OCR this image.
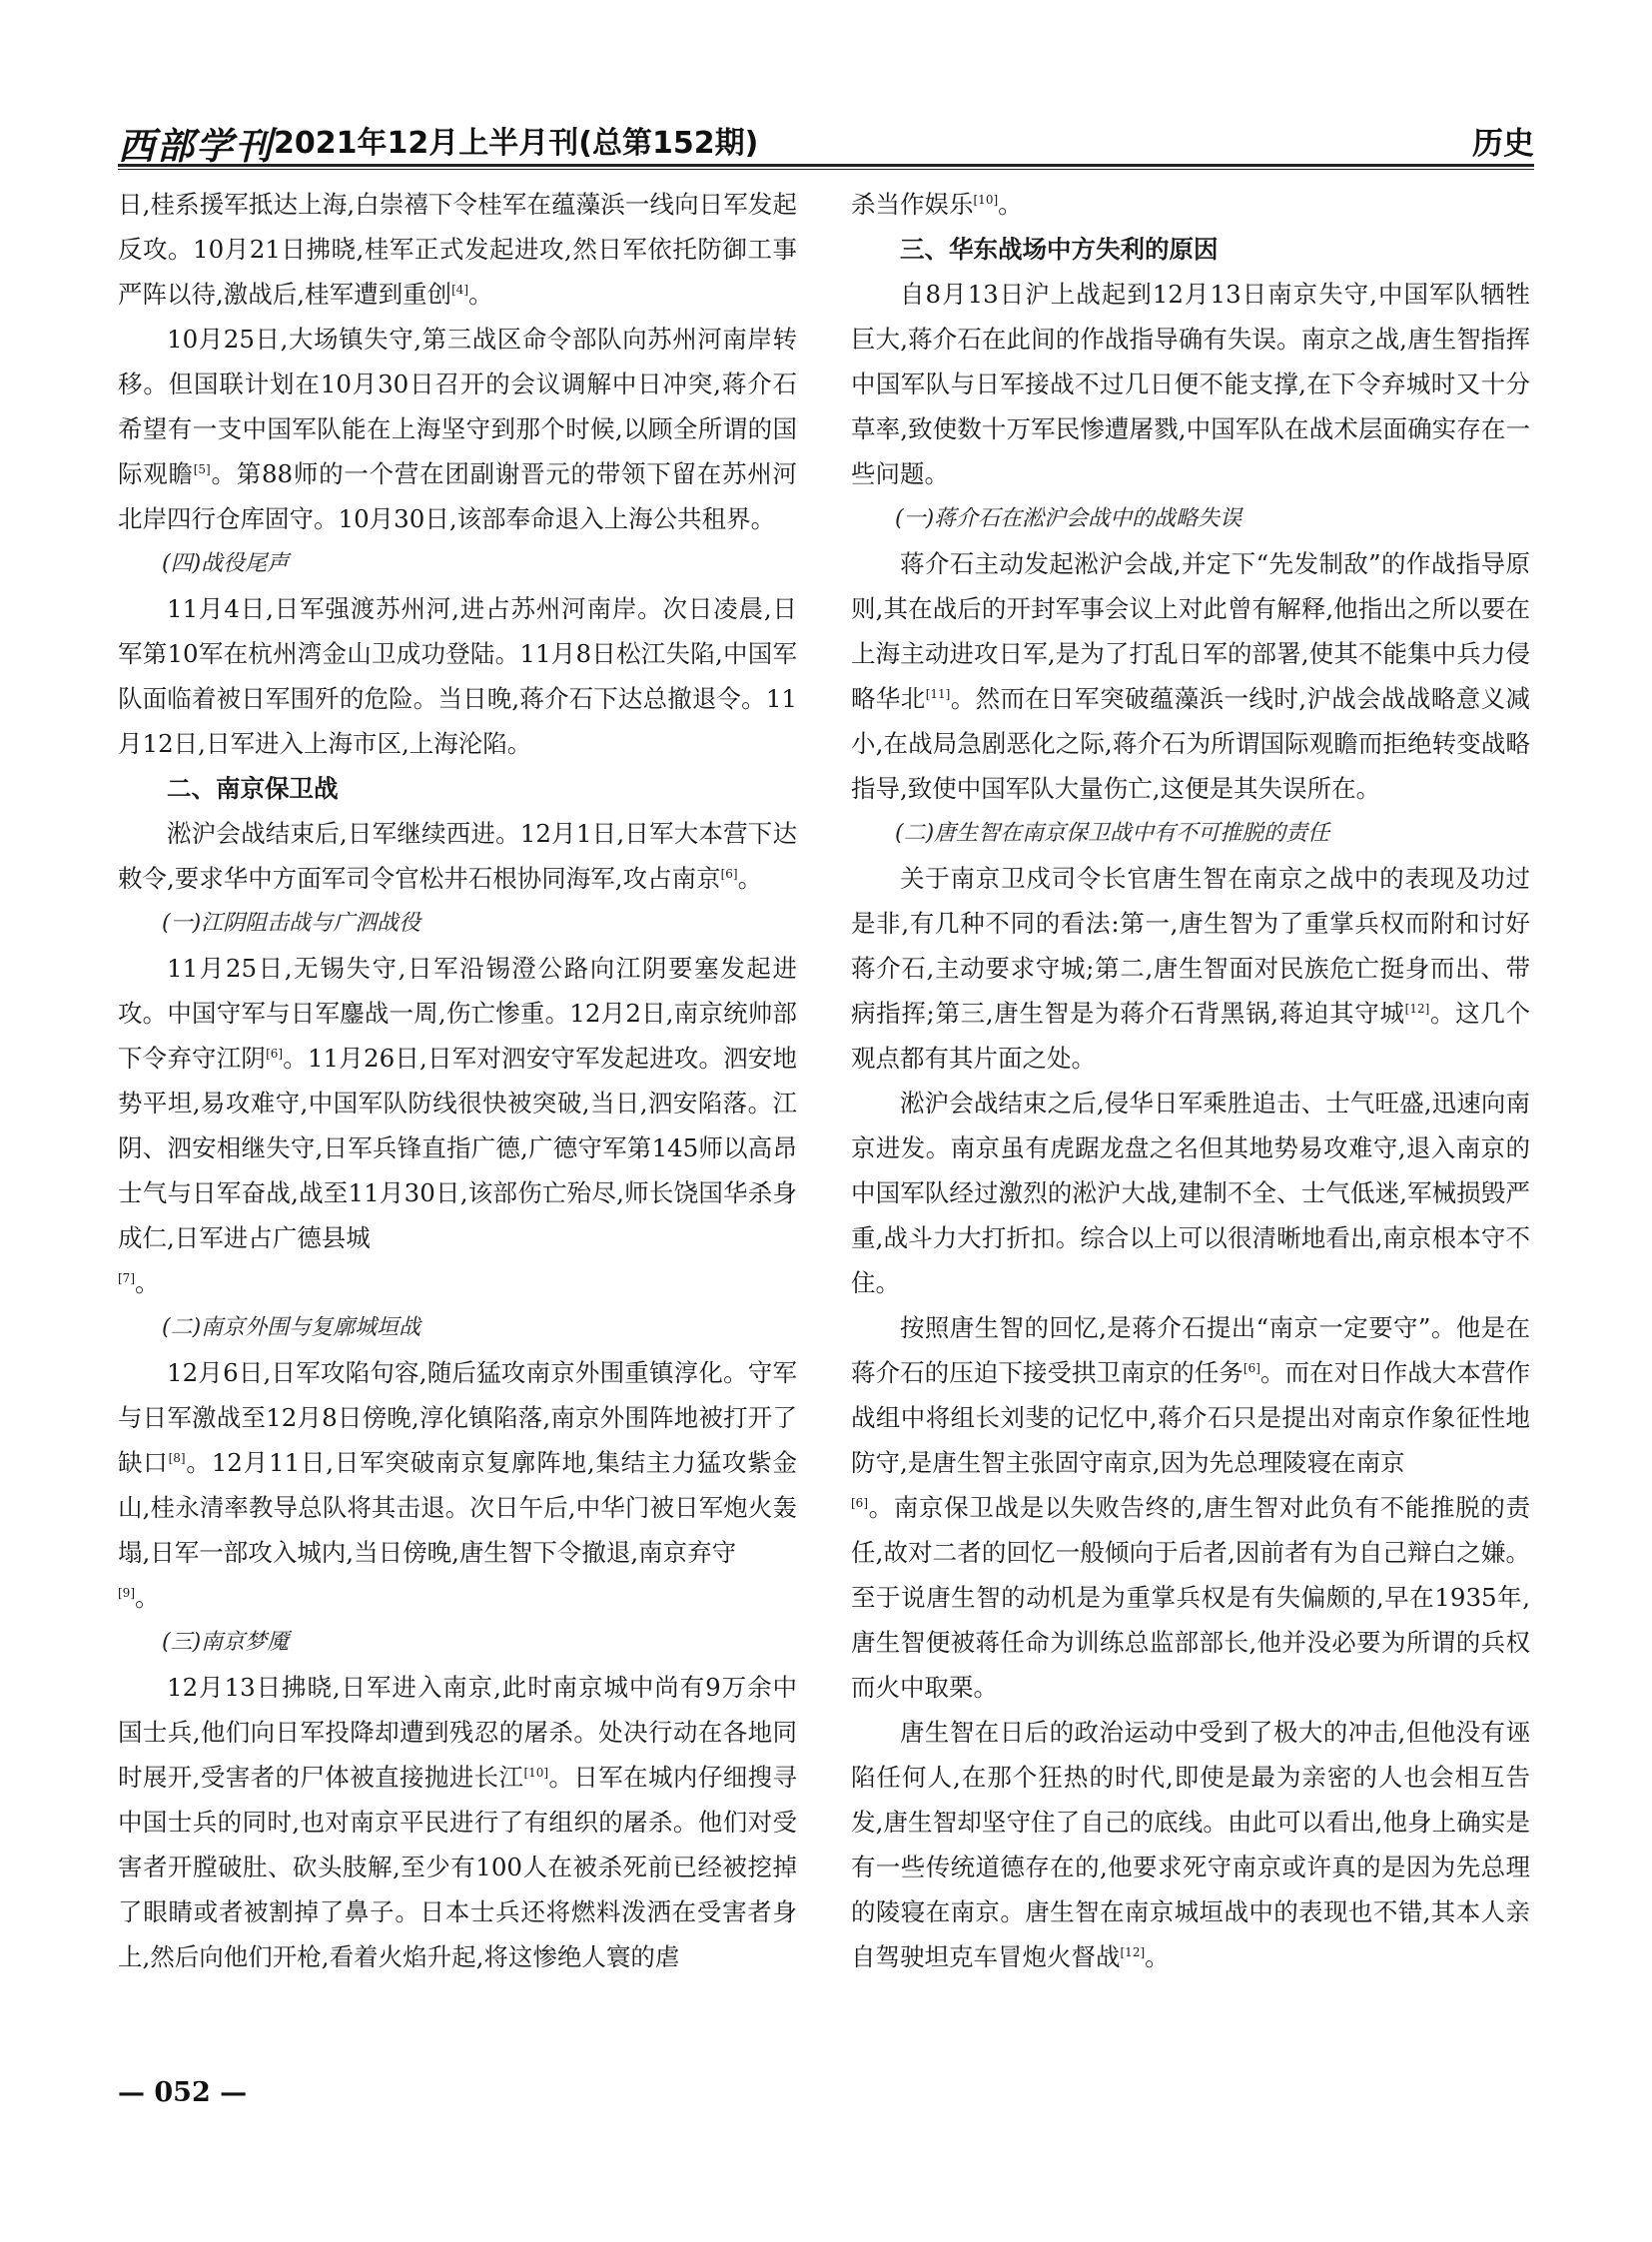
西部学刊 2021年12月上半月刊(总第152期)	历史
日,桂系援军抵达上海,白崇禧下令桂军在蕴藻浜一线向日军发起反攻。10月21日拂晓,桂军正式发起进攻,然日军依托防御工事严阵以待,激战后,桂军遭到重创[4]。
10月25日,大场镇失守,第三战区命令部队向苏州河南岸转移。但国联计划在10月30日召开的会议调解中日冲突,蒋介石希望有一支中国军队能在上海坚守到那个时候,以顾全所谓的国际观瞻[5]。第88师的一个营在团副谢晋元的带领下留在苏州河北岸四行仓库固守。10月30日,该部奉命退入上海公共租界。
(四)战役尾声
11月4日,日军强渡苏州河,进占苏州河南岸。次日凌晨,日军第10军在杭州湾金山卫成功登陆。11月8日松江失陷,中国军队面临着被日军围歼的危险。当日晚,蒋介石下达总撤退令。11月12日,日军进入上海市区,上海沦陷。
二、南京保卫战
淞沪会战结束后,日军继续西进。12月1日,日军大本营下达敕令,要求华中方面军司令官松井石根协同海军,攻占南京[6]。
(一)江阴阻击战与广泗战役
11月25日,无锡失守,日军沿锡澄公路向江阴要塞发起进攻。中国守军与日军鏖战一周,伤亡惨重。12月2日,南京统帅部下令弃守江阴[6]。11月26日,日军对泗安守军发起进攻。泗安地势平坦,易攻难守,中国军队防线很快被突破,当日,泗安陷落。江阴、泗安相继失守,日军兵锋直指广德,广德守军第145师以高昂士气与日军奋战,战至11月30日,该部伤亡殆尽,师长饶国华杀身成仁,日军进占广德县城
[7]。
(二)南京外围与复廓城垣战
12月6日,日军攻陷句容,随后猛攻南京外围重镇淳化。守军与日军激战至12月8日傍晚,淳化镇陷落,南京外围阵地被打开了缺口[8]。12月11日,日军突破南京复廓阵地,集结主力猛攻紫金山,桂永清率教导总队将其击退。次日午后,中华门被日军炮火轰塌,日军一部攻入城内,当日傍晚,唐生智下令撤退,南京弃守
[9]。
(三)南京梦魇
12月13日拂晓,日军进入南京,此时南京城中尚有9万余中国士兵,他们向日军投降却遭到残忍的屠杀。处决行动在各地同时展开,受害者的尸体被直接抛进长江[10]。日军在城内仔细搜寻中国士兵的同时,也对南京平民进行了有组织的屠杀。他们对受害者开膛破肚、砍头肢解,至少有100人在被杀死前已经被挖掉了眼睛或者被割掉了鼻子。日本士兵还将燃料泼洒在受害者身上,然后向他们开枪,看着火焰升起,将这惨绝人寰的虐
杀当作娱乐[10]。
三、华东战场中方失利的原因
自8月13日沪上战起到12月13日南京失守,中国军队牺牲巨大,蒋介石在此间的作战指导确有失误。南京之战,唐生智指挥中国军队与日军接战不过几日便不能支撑,在下令弃城时又十分草率,致使数十万军民惨遭屠戮,中国军队在战术层面确实存在一些问题。
(一)蒋介石在淞沪会战中的战略失误
蒋介石主动发起淞沪会战,并定下“先发制敌”的作战指导原则,其在战后的开封军事会议上对此曾有解释,他指出之所以要在上海主动进攻日军,是为了打乱日军的部署,使其不能集中兵力侵略华北[11]。然而在日军突破蕴藻浜一线时,沪战会战战略意义减小,在战局急剧恶化之际,蒋介石为所谓国际观瞻而拒绝转变战略指导,致使中国军队大量伤亡,这便是其失误所在。
(二)唐生智在南京保卫战中有不可推脱的责任
关于南京卫戍司令长官唐生智在南京之战中的表现及功过是非,有几种不同的看法:第一,唐生智为了重掌兵权而附和讨好蒋介石,主动要求守城;第二,唐生智面对民族危亡挺身而出、带病指挥;第三,唐生智是为蒋介石背黑锅,蒋迫其守城[12]。这几个观点都有其片面之处。
淞沪会战结束之后,侵华日军乘胜追击、士气旺盛,迅速向南京进发。南京虽有虎踞龙盘之名但其地势易攻难守,退入南京的中国军队经过激烈的淞沪大战,建制不全、士气低迷,军械损毁严重,战斗力大打折扣。综合以上可以很清晰地看出,南京根本守不住。
按照唐生智的回忆,是蒋介石提出“南京一定要守”。他是在蒋介石的压迫下接受拱卫南京的任务[6]。而在对日作战大本营作战组中将组长刘斐的记忆中,蒋介石只是提出对南京作象征性地防守,是唐生智主张固守南京,因为先总理陵寝在南京
[6]。南京保卫战是以失败告终的,唐生智对此负有不能推脱的责任,故对二者的回忆一般倾向于后者,因前者有为自己辩白之嫌。至于说唐生智的动机是为重掌兵权是有失偏颇的,早在1935年,唐生智便被蒋任命为训练总监部部长,他并没必要为所谓的兵权而火中取栗。
唐生智在日后的政治运动中受到了极大的冲击,但他没有诬陷任何人,在那个狂热的时代,即使是最为亲密的人也会相互告发,唐生智却坚守住了自己的底线。由此可以看出,他身上确实是有一些传统道德存在的,他要求死守南京或许真的是因为先总理的陵寝在南京。唐生智在南京城垣战中的表现也不错,其本人亲自驾驶坦克车冒炮火督战[12]。
— 052 —
